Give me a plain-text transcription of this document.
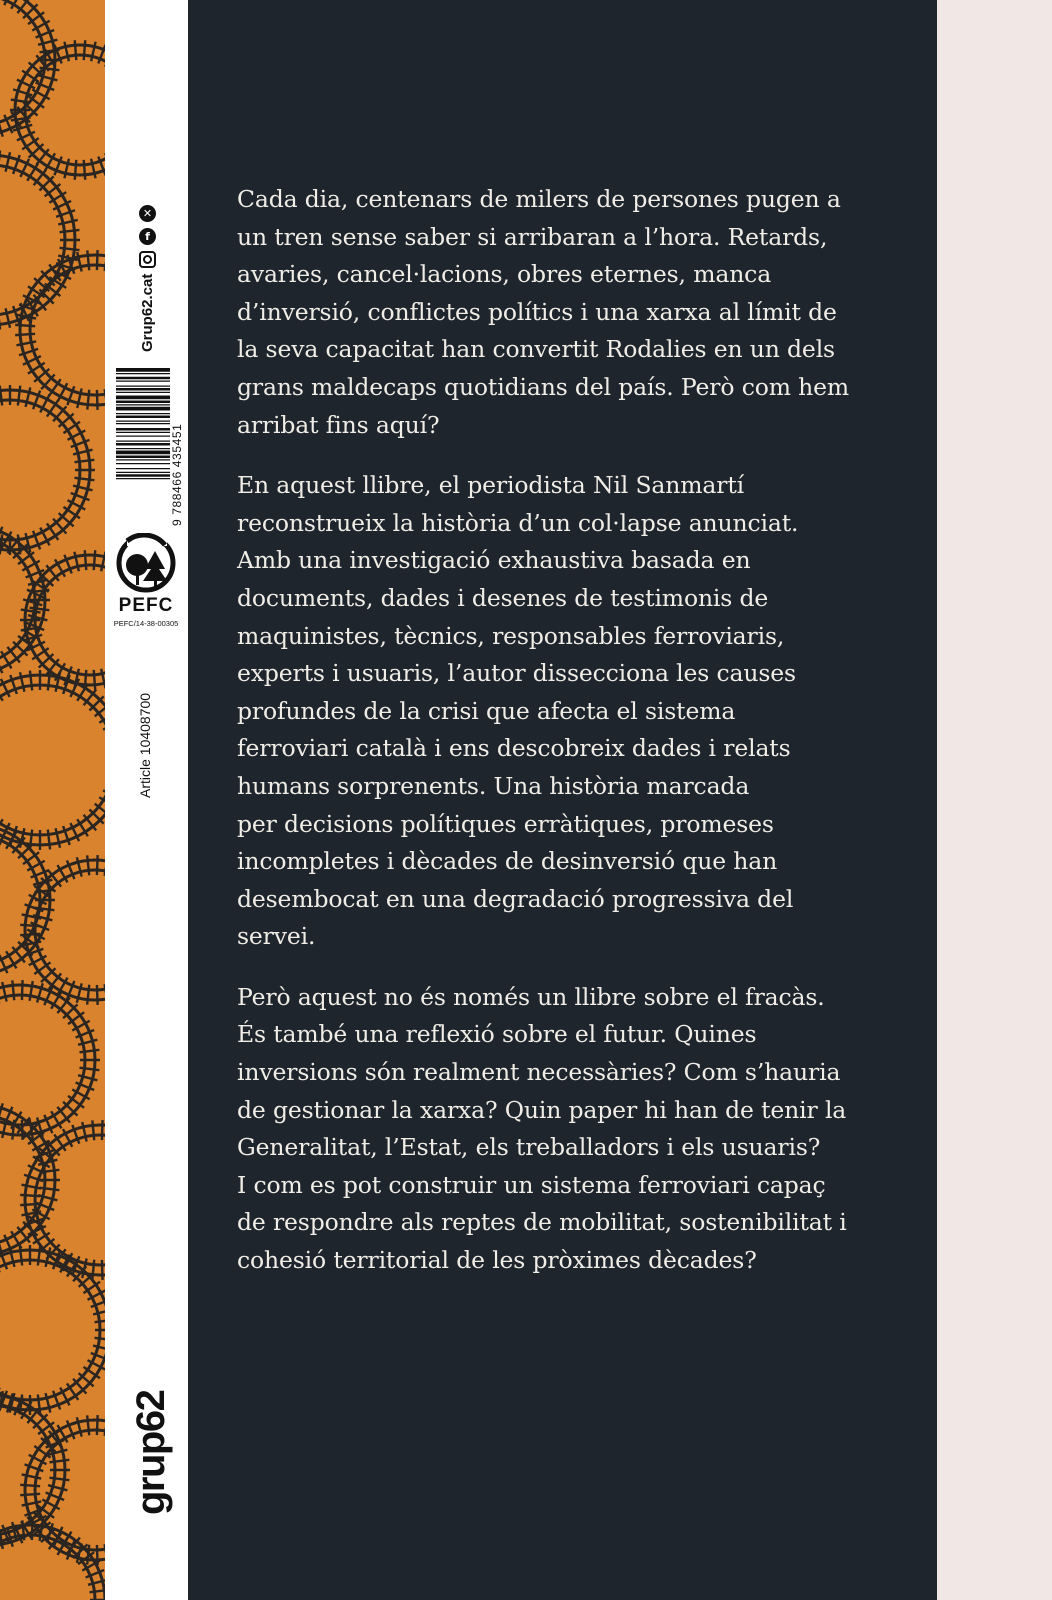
Grup62.cat
f
✕
9 788466 435451
PEFC
PEFC/14-38-00305
Article 10408700
grup62

Cada dia, centenars de milers de persones pugen a
un tren sense saber si arribaran a l’hora. Retards,
avaries, cancel·lacions, obres eternes, manca
d’inversió, conflictes polítics i una xarxa al límit de
la seva capacitat han convertit Rodalies en un dels
grans maldecaps quotidians del país. Però com hem
arribat fins aquí?

En aquest llibre, el periodista Nil Sanmartí
reconstrueix la història d’un col·lapse anunciat.
Amb una investigació exhaustiva basada en
documents, dades i desenes de testimonis de
maquinistes, tècnics, responsables ferroviaris,
experts i usuaris, l’autor dissecciona les causes
profundes de la crisi que afecta el sistema
ferroviari català i ens descobreix dades i relats
humans sorprenents. Una història marcada
per decisions polítiques erràtiques, promeses
incompletes i dècades de desinversió que han
desembocat en una degradació progressiva del
servei.

Però aquest no és només un llibre sobre el fracàs.
És també una reflexió sobre el futur. Quines
inversions són realment necessàries? Com s’hauria
de gestionar la xarxa? Quin paper hi han de tenir la
Generalitat, l’Estat, els treballadors i els usuaris?
I com es pot construir un sistema ferroviari capaç
de respondre als reptes de mobilitat, sostenibilitat i
cohesió territorial de les pròximes dècades?
